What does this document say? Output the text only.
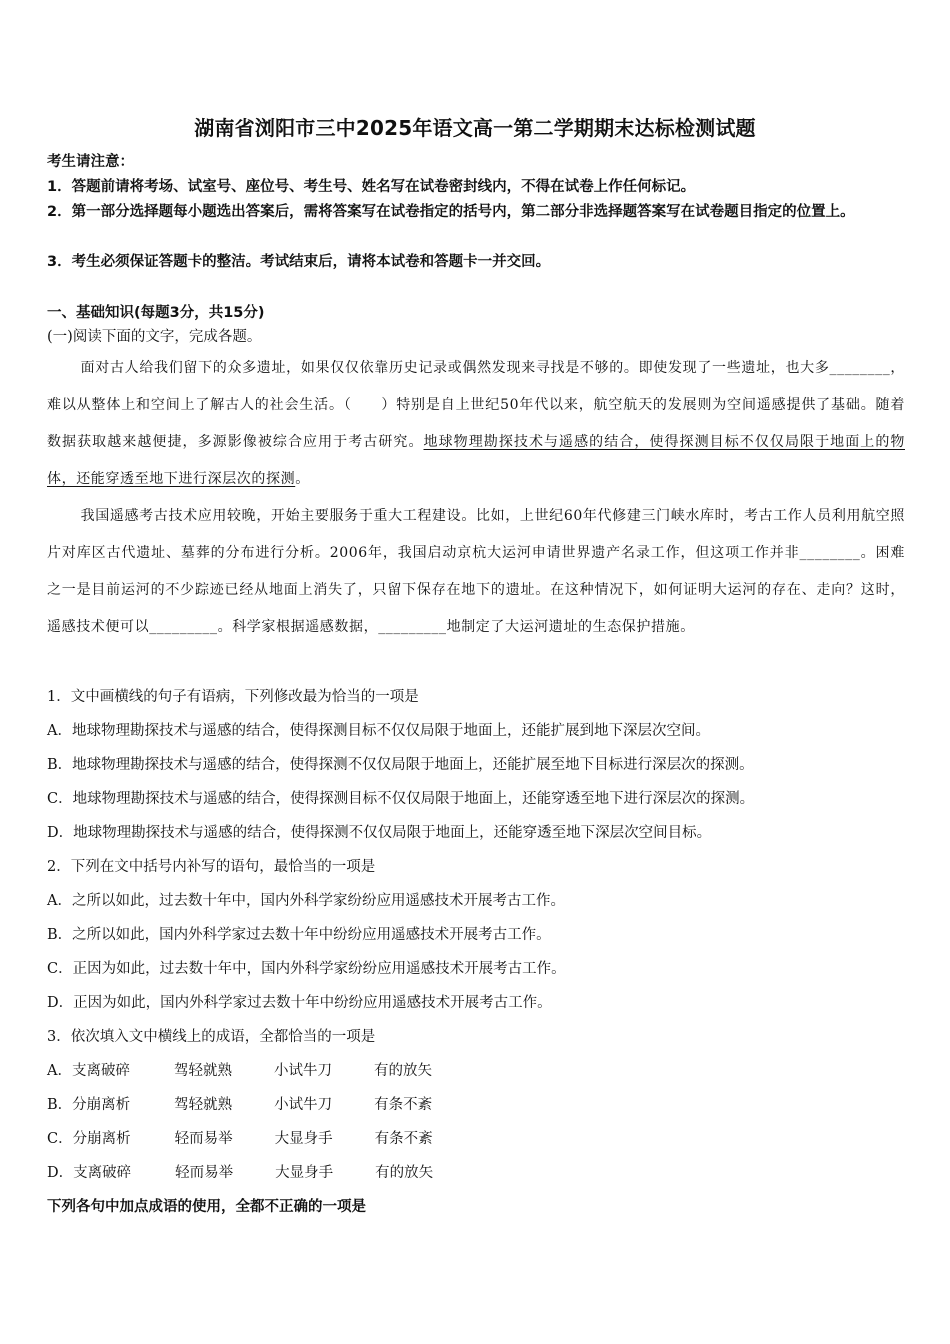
湖南省浏阳市三中2025年语文高一第二学期期末达标检测试题
考生请注意：
1．答题前请将考场、试室号、座位号、考生号、姓名写在试卷密封线内，不得在试卷上作任何标记。
2．第一部分选择题每小题选出答案后，需将答案写在试卷指定的括号内，第二部分非选择题答案写在试卷题目指定的位置上。
3．考生必须保证答题卡的整洁。考试结束后，请将本试卷和答题卡一并交回。
一、基础知识(每题3分，共15分)
(一)阅读下面的文字，完成各题。

面对古人给我们留下的众多遗址，如果仅仅依靠历史记录或偶然发现来寻找是不够的。即使发现了一些遗址，也大多________，难以从整体上和空间上了解古人的社会生活。（　　）特别是自上世纪50年代以来，航空航天的发展则为空间遥感提供了基础。随着数据获取越来越便捷，多源影像被综合应用于考古研究。地球物理勘探技术与遥感的结合，使得探测目标不仅仅局限于地面上的物体，还能穿透至地下进行深层次的探测。

我国遥感考古技术应用较晚，开始主要服务于重大工程建设。比如，上世纪60年代修建三门峡水库时，考古工作人员利用航空照片对库区古代遗址、墓葬的分布进行分析。2006年，我国启动京杭大运河申请世界遗产名录工作，但这项工作并非________。困难之一是目前运河的不少踪迹已经从地面上消失了，只留下保存在地下的遗址。在这种情况下，如何证明大运河的存在、走向？这时，遥感技术便可以_________。科学家根据遥感数据，_________地制定了大运河遗址的生态保护措施。

1．文中画横线的句子有语病，下列修改最为恰当的一项是
A．地球物理勘探技术与遥感的结合，使得探测目标不仅仅局限于地面上，还能扩展到地下深层次空间。
B．地球物理勘探技术与遥感的结合，使得探测不仅仅局限于地面上，还能扩展至地下目标进行深层次的探测。
C．地球物理勘探技术与遥感的结合，使得探测目标不仅仅局限于地面上，还能穿透至地下进行深层次的探测。
D．地球物理勘探技术与遥感的结合，使得探测不仅仅局限于地面上，还能穿透至地下深层次空间目标。
2．下列在文中括号内补写的语句，最恰当的一项是
A．之所以如此，过去数十年中，国内外科学家纷纷应用遥感技术开展考古工作。
B．之所以如此，国内外科学家过去数十年中纷纷应用遥感技术开展考古工作。
C．正因为如此，过去数十年中，国内外科学家纷纷应用遥感技术开展考古工作。
D．正因为如此，国内外科学家过去数十年中纷纷应用遥感技术开展考古工作。
3．依次填入文中横线上的成语，全都恰当的一项是
A．支离破碎	驾轻就熟	小试牛刀	有的放矢
B．分崩离析	驾轻就熟	小试牛刀	有条不紊
C．分崩离析	轻而易举	大显身手	有条不紊
D．支离破碎	轻而易举	大显身手	有的放矢
下列各句中加点成语的使用，全都不正确的一项是
